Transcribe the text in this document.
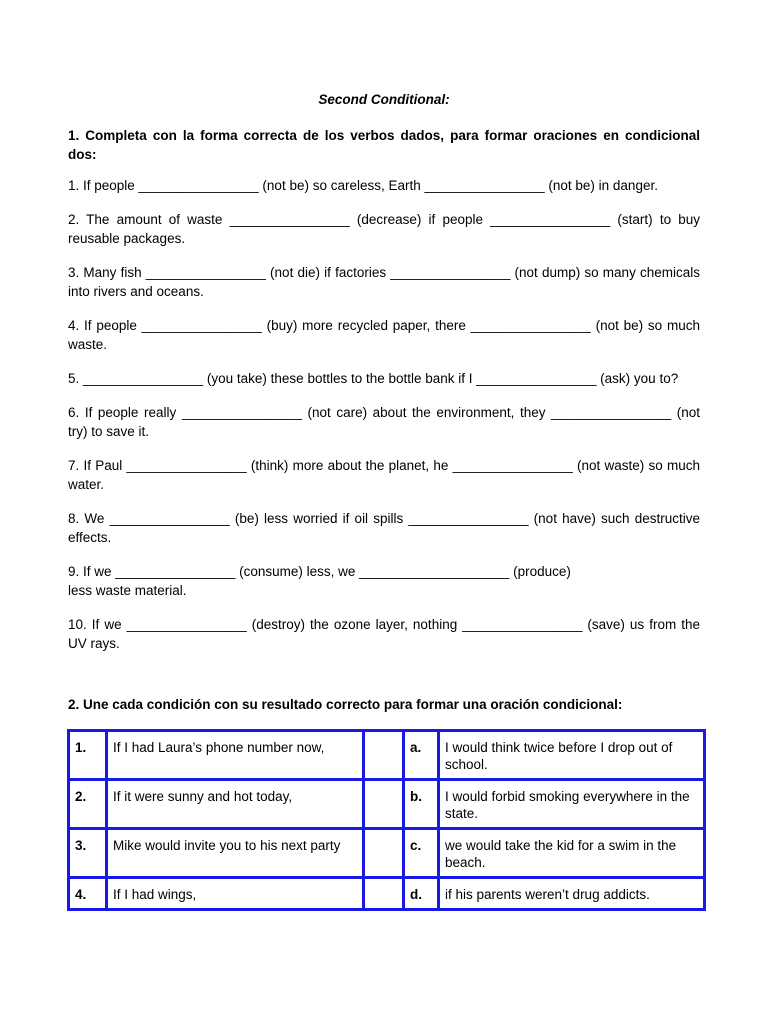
Second Conditional:
1. Completa con la forma correcta de los verbos dados, para formar oraciones en condicional dos:

1. If people ________________ (not be) so careless, Earth ________________ (not be) in danger.

2. The amount of waste ________________ (decrease) if people ________________ (start) to buy reusable packages.

3. Many fish ________________ (not die) if factories ________________ (not dump) so many chemicals into rivers and oceans.

4. If people ________________ (buy) more recycled paper, there ________________ (not be) so much waste.

5. ________________ (you take) these bottles to the bottle bank if I ________________ (ask) you to?

6. If people really ________________ (not care) about the environment, they ________________ (not try) to save it.

7. If Paul ________________ (think) more about the planet, he ________________ (not waste) so much water.

8. We ________________ (be) less worried if oil spills ________________ (not have) such destructive effects.

9. If we ________________ (consume) less, we ____________________ (produce)
less waste material.

10. If we ________________ (destroy) the ozone layer, nothing ________________ (save) us from the UV rays.

2. Une cada condición con su resultado correcto para formar una oración condicional:
1.	If I had Laura’s phone number now,		a.	I would think twice before I drop out of school.
2.	If it were sunny and hot today,		b.	I would forbid smoking everywhere in the state.
3.	Mike would invite you to his next party		c.	we would take the kid for a swim in the beach.
4.	If I had wings,		d.	if his parents weren’t drug addicts.
